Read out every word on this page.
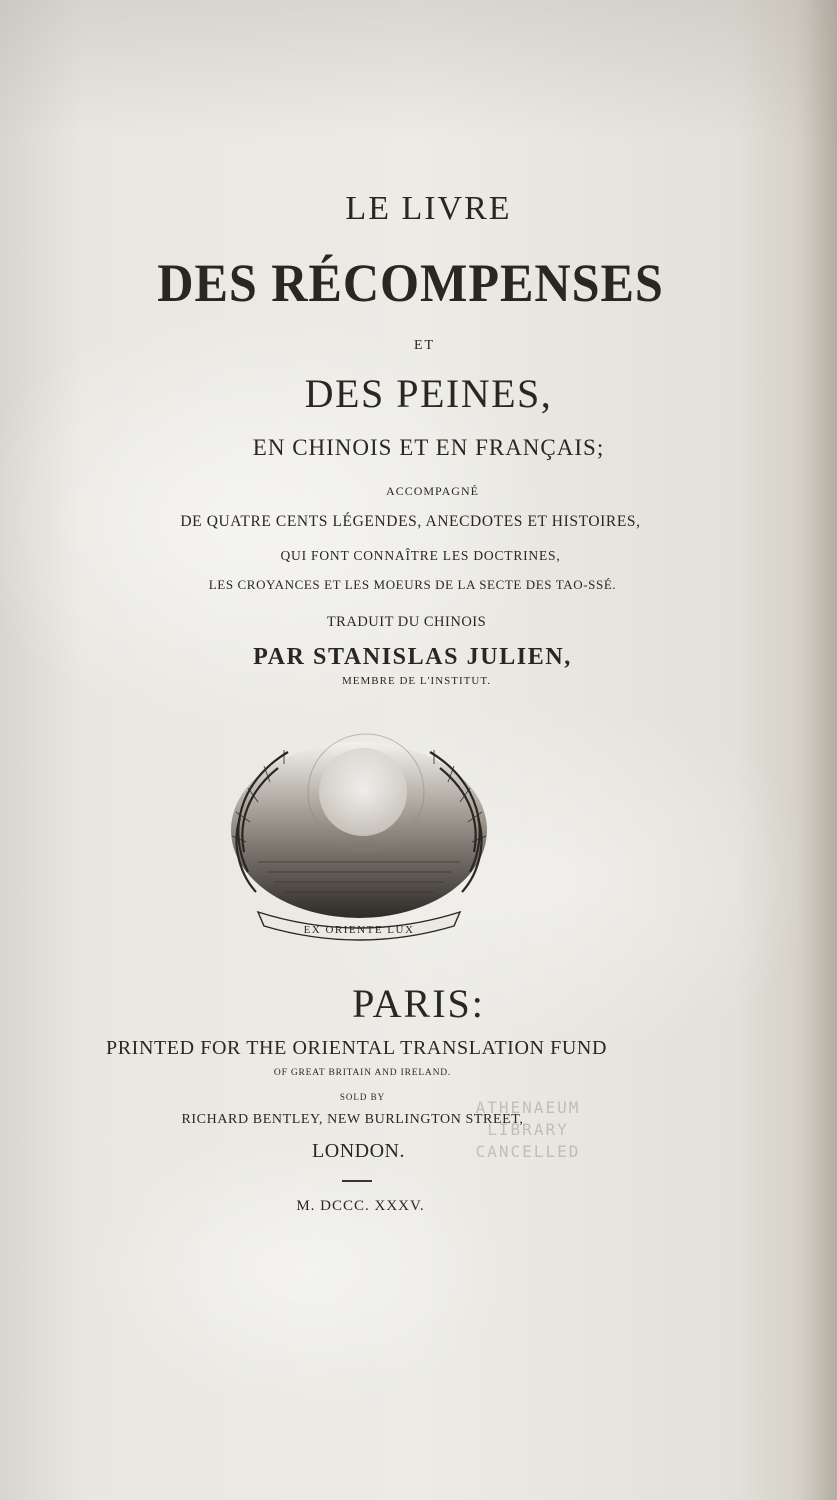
LE LIVRE

DES RÉCOMPENSES

ET

DES PEINES,

EN CHINOIS ET EN FRANÇAIS;

ACCOMPAGNÉ

DE QUATRE CENTS LÉGENDES, ANECDOTES ET HISTOIRES,

QUI FONT CONNAÎTRE LES DOCTRINES,

LES CROYANCES ET LES MOEURS DE LA SECTE DES TAO-SSÉ.

TRADUIT DU CHINOIS

PAR STANISLAS JULIEN,

MEMBRE DE L'INSTITUT.

EX ORIENTE LUX

PARIS:

PRINTED FOR THE ORIENTAL TRANSLATION FUND

OF GREAT BRITAIN AND IRELAND.

SOLD BY

RICHARD BENTLEY, NEW BURLINGTON STREET,

LONDON.

M. DCCC. XXXV.

ATHENAEUM
LIBRARY
CANCELLED
